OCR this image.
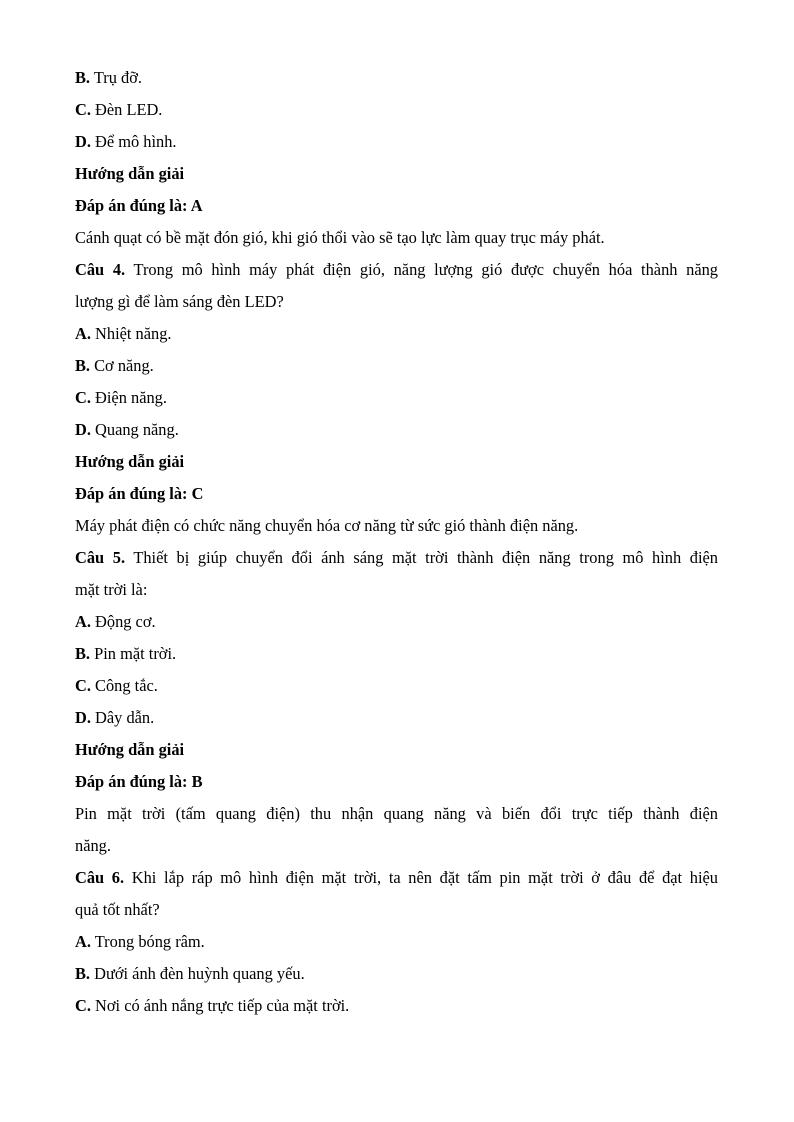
B. Trụ đỡ.
C. Đèn LED.
D. Để mô hình.
Hướng dẫn giải
Đáp án đúng là: A
Cánh quạt có bề mặt đón gió, khi gió thổi vào sẽ tạo lực làm quay trục máy phát.
Câu 4. Trong mô hình máy phát điện gió, năng lượng gió được chuyển hóa thành năng
lượng gì để làm sáng đèn LED?
A. Nhiệt năng.
B. Cơ năng.
C. Điện năng.
D. Quang năng.
Hướng dẫn giải
Đáp án đúng là: C
Máy phát điện có chức năng chuyển hóa cơ năng từ sức gió thành điện năng.
Câu 5. Thiết bị giúp chuyển đổi ánh sáng mặt trời thành điện năng trong mô hình điện
mặt trời là:
A. Động cơ.
B. Pin mặt trời.
C. Công tắc.
D. Dây dẫn.
Hướng dẫn giải
Đáp án đúng là: B
Pin mặt trời (tấm quang điện) thu nhận quang năng và biến đổi trực tiếp thành điện
năng.
Câu 6. Khi lắp ráp mô hình điện mặt trời, ta nên đặt tấm pin mặt trời ở đâu để đạt hiệu
quả tốt nhất?
A. Trong bóng râm.
B. Dưới ánh đèn huỳnh quang yếu.
C. Nơi có ánh nắng trực tiếp của mặt trời.
